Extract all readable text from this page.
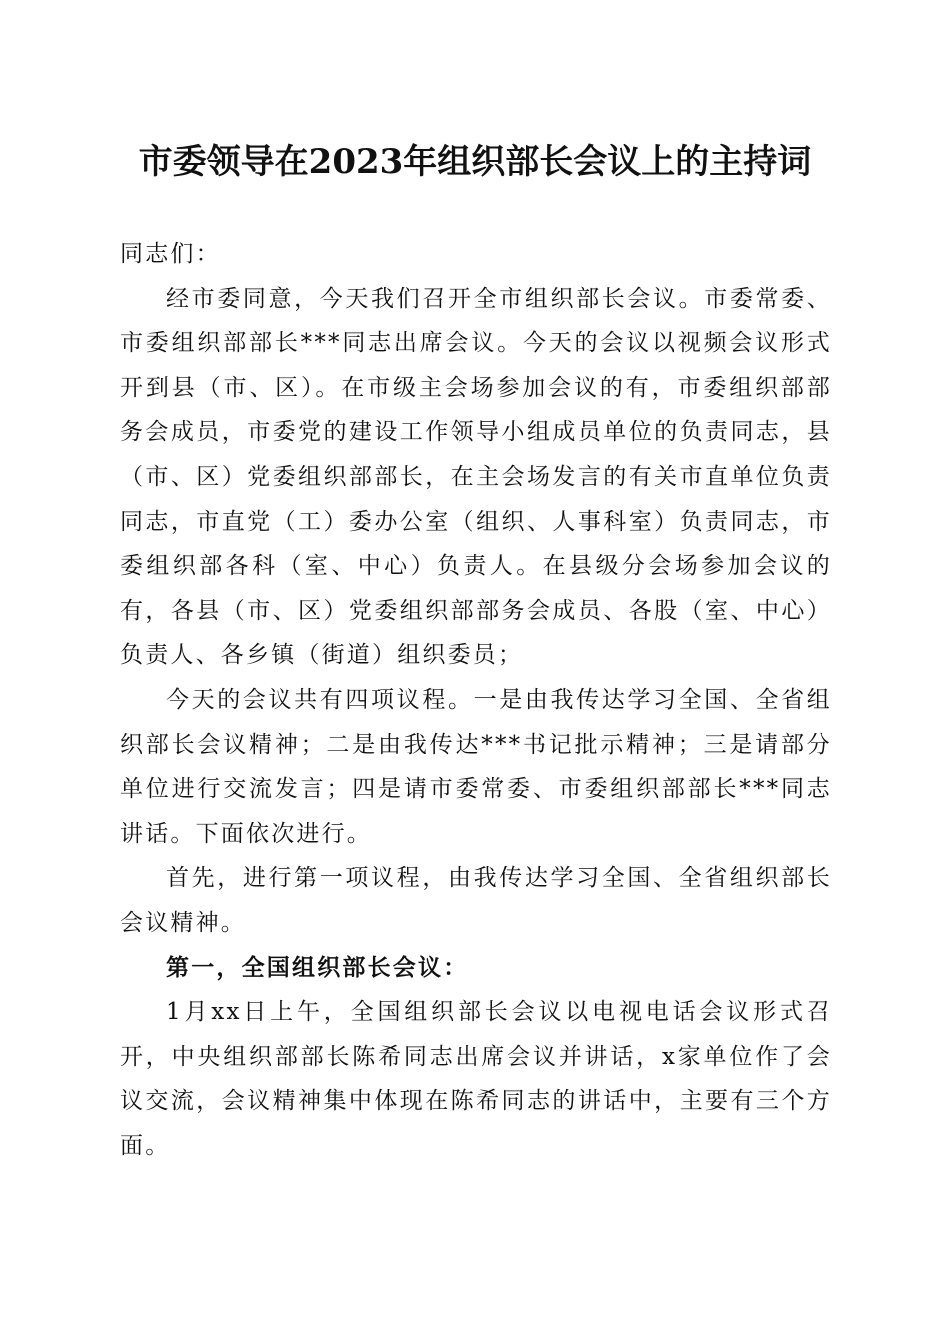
市委领导在2023年组织部长会议上的主持词

同志们：

经市委同意，今天我们召开全市组织部长会议。市委常委、市委组织部部长***同志出席会议。今天的会议以视频会议形式开到县（市、区）。在市级主会场参加会议的有，市委组织部部务会成员，市委党的建设工作领导小组成员单位的负责同志，县（市、区）党委组织部部长，在主会场发言的有关市直单位负责同志，市直党（工）委办公室（组织、人事科室）负责同志，市委组织部各科（室、中心）负责人。在县级分会场参加会议的有，各县（市、区）党委组织部部务会成员、各股（室、中心）负责人、各乡镇（街道）组织委员；

今天的会议共有四项议程。一是由我传达学习全国、全省组织部长会议精神；二是由我传达***书记批示精神；三是请部分单位进行交流发言；四是请市委常委、市委组织部部长***同志讲话。下面依次进行。

首先，进行第一项议程，由我传达学习全国、全省组织部长会议精神。

第一，全国组织部长会议：

1月xx日上午，全国组织部长会议以电视电话会议形式召开，中央组织部部长陈希同志出席会议并讲话，x家单位作了会议交流，会议精神集中体现在陈希同志的讲话中，主要有三个方面。
